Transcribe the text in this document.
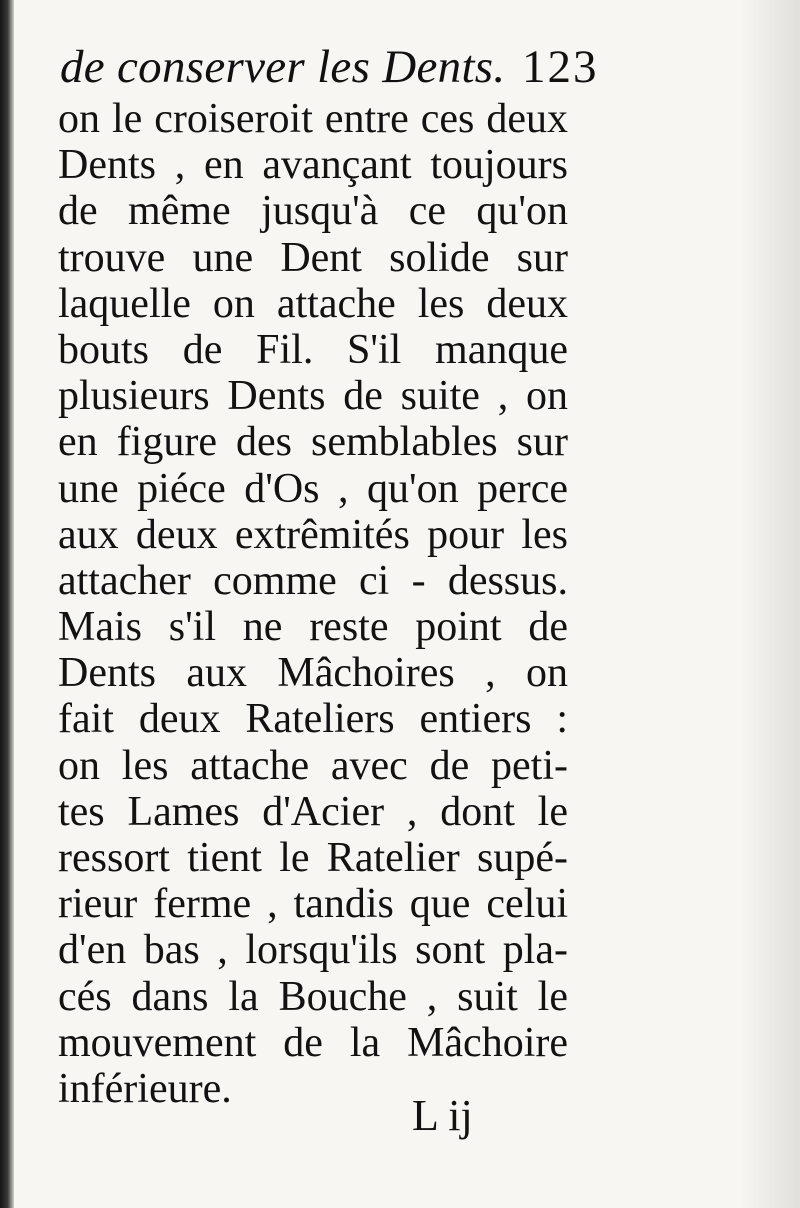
de conserver les Dents. 123
on le croiseroit entre ces deux
Dents , en avançant toujours
de même jusqu'à ce qu'on
trouve une Dent solide sur
laquelle on attache les deux
bouts de Fil. S'il manque
plusieurs Dents de suite , on
en figure des semblables sur
une piéce d'Os , qu'on perce
aux deux extrêmités pour les
attacher comme ci - dessus.
Mais s'il ne reste point de
Dents aux Mâchoires , on
fait deux Rateliers entiers :
on les attache avec de peti-
tes Lames d'Acier , dont le
ressort tient le Ratelier supé-
rieur ferme , tandis que celui
d'en bas , lorsqu'ils sont pla-
cés dans la Bouche , suit le
mouvement de la Mâchoire
inférieure.
L ij
